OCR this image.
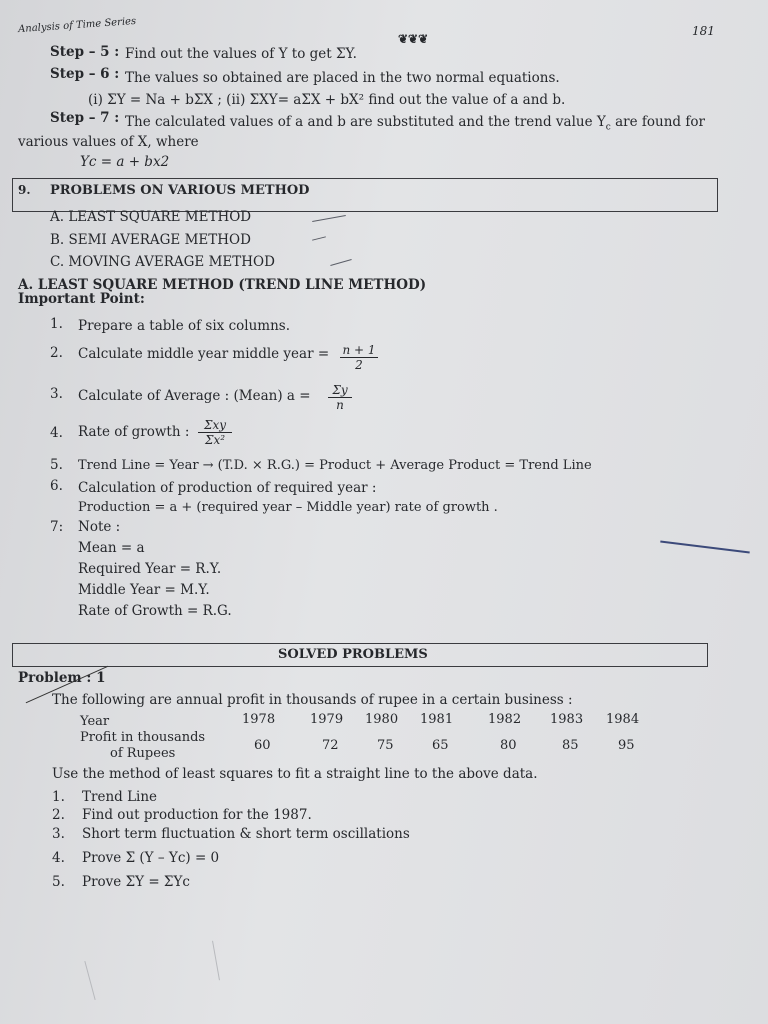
Analysis of Time Series
❦❦❦
181
Step – 5 : Find out the values of Y to get ΣY.
Step – 6 : The values so obtained are placed in the two normal equations.
(i) ΣY = Na + bΣX ; (ii) ΣXY= aΣX + bX² find out the value of a and b.
Step – 7 : The calculated values of a and b are substituted and the trend value $Y_c$ are found for
various values of X, where
Yc = a + bx2
9. PROBLEMS ON VARIOUS METHOD
A. LEAST SQUARE METHOD
B. SEMI AVERAGE METHOD
C. MOVING AVERAGE METHOD
A. LEAST SQUARE METHOD (TREND LINE METHOD)
Important Point:
1. Prepare a table of six columns.
2. Calculate middle year middle year = $\frac{n + 1}{2}$
3. Calculate of Average : (Mean) $a = \frac{\Sigma y}{n}$
4. Rate of growth :	Σxy
Σx²
5. Trend Line = Year → (T.D. × R.G.) = Product + Average Product = Trend Line
6. Calculation of production of required year :
Production = a + (required year – Middle year) rate of growth .
7: Note :
Mean = a
Required Year = R.Y.
Middle Year = M.Y.
Rate of Growth = R.G.
SOLVED PROBLEMS
Problem : 1
The following are annual profit in thousands of rupee in a certain business :
Year	1978	1979 1980 1981	1982 1983 1984
Profit in thousands
of Rupees
60	72	75	65	80	85	95
Use the method of least squares to fit a straight line to the above data.
1. Trend Line
2. Find out production for the 1987.
3. Short term fluctuation & short term oscillations
4. Prove Σ (Y – Yc) = 0
5. Prove ΣY = ΣYc
